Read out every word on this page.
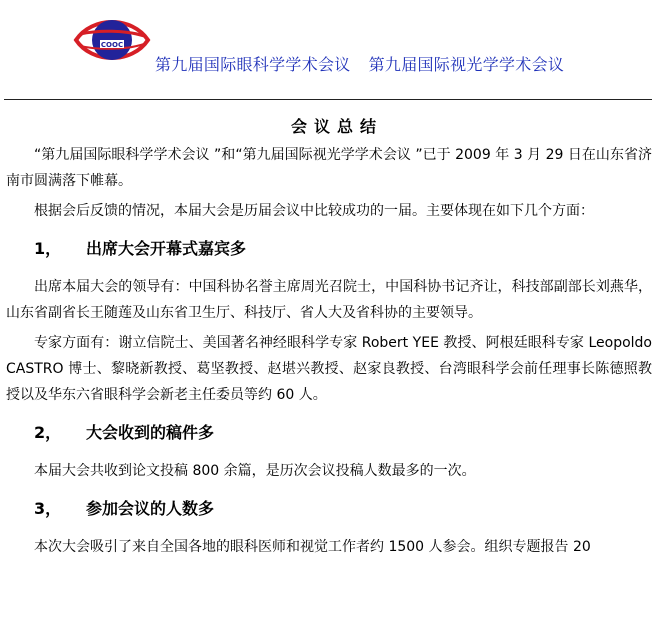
COOC
第九届国际眼科学学术会议 第九届国际视光学学术会议
会议总结

“第九届国际眼科学学术会议 ”和“第九届国际视光学学术会议 ”已于 2009 年 3 月 29 日在山东省济南市圆满落下帷幕。

根据会后反馈的情况，本届大会是历届会议中比较成功的一届。主要体现在如下几个方面：

1， 出席大会开幕式嘉宾多

出席本届大会的领导有：中国科协名誉主席周光召院士，中国科协书记齐让，科技部副部长刘燕华，山东省副省长王随莲及山东省卫生厅、科技厅、省人大及省科协的主要领导。

专家方面有：谢立信院士、美国著名神经眼科学专家 Robert YEE 教授、阿根廷眼科专家 Leopoldo CASTRO 博士、黎晓新教授、葛坚教授、赵堪兴教授、赵家良教授、台湾眼科学会前任理事长陈德照教授以及华东六省眼科学会新老主任委员等约 60 人。

2， 大会收到的稿件多

本届大会共收到论文投稿 800 余篇，是历次会议投稿人数最多的一次。

3， 参加会议的人数多

本次大会吸引了来自全国各地的眼科医师和视觉工作者约 1500 人参会。组织专题报告 20
